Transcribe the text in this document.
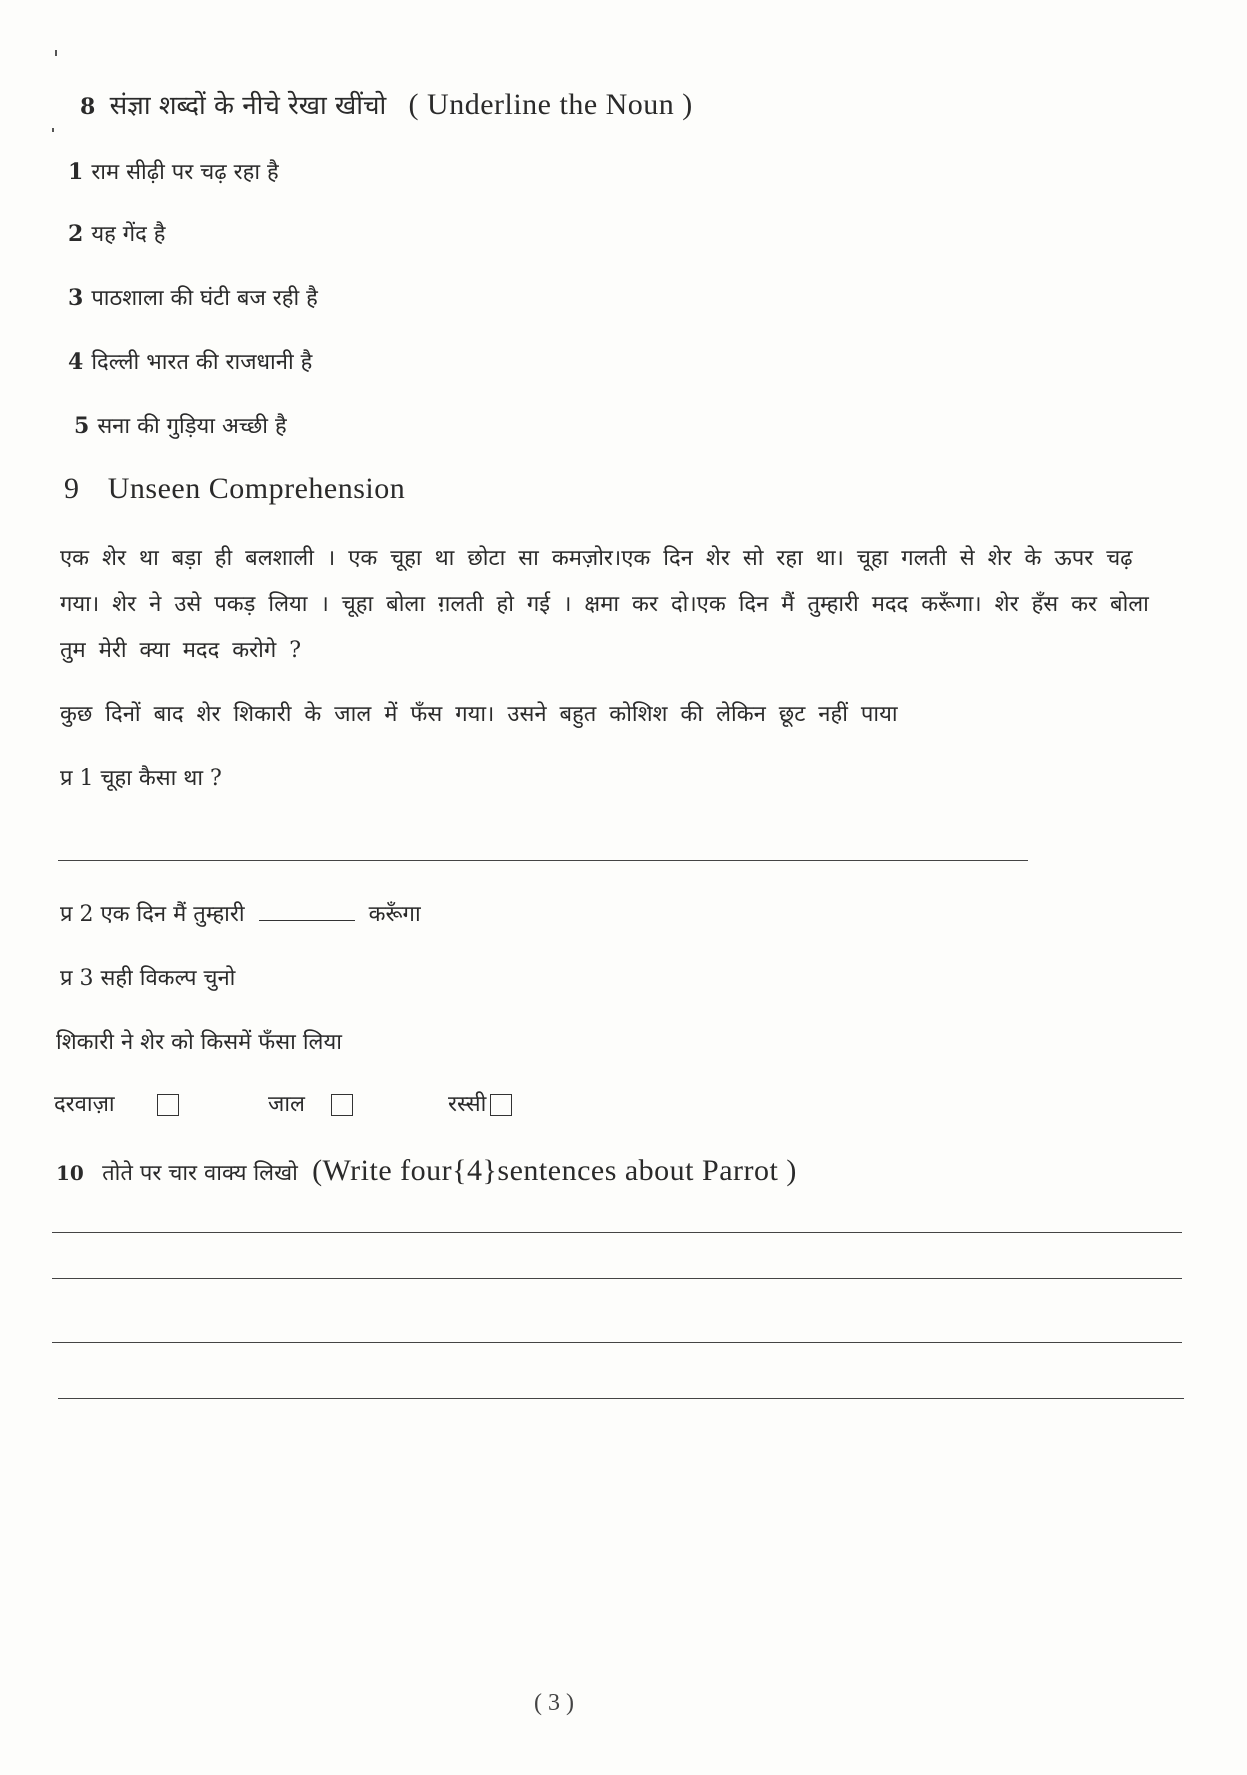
8 संज्ञा शब्दों के नीचे रेखा खींचो ( Underline the Noun )
1 राम सीढ़ी पर चढ़ रहा है
2 यह गेंद है
3 पाठशाला की घंटी बज रही है
4 दिल्ली भारत की राजधानी है
5 सना की गुड़िया अच्छी है
9 Unseen Comprehension
एक शेर था बड़ा ही बलशाली । एक चूहा था छोटा सा कमज़ोर।एक दिन शेर सो रहा था। चूहा गलती से शेर के ऊपर चढ़ गया। शेर ने उसे पकड़ लिया । चूहा बोला ग़लती हो गई । क्षमा कर दो।एक दिन मैं तुम्हारी मदद करूँगा। शेर हँस कर बोला तुम मेरी क्या मदद करोगे ?
कुछ दिनों बाद शेर शिकारी के जाल में फँस गया। उसने बहुत कोशिश की लेकिन छूट नहीं पाया
प्र 1 चूहा कैसा था ?
प्र 2 एक दिन मैं तुम्हारी	करूँगा
प्र 3 सही विकल्प चुनो
शिकारी ने शेर को किसमें फँसा लिया
दरवाज़ा	जाल	रस्सी
10 तोते पर चार वाक्य लिखो (Write four{4}sentences about Parrot )
( 3 )
